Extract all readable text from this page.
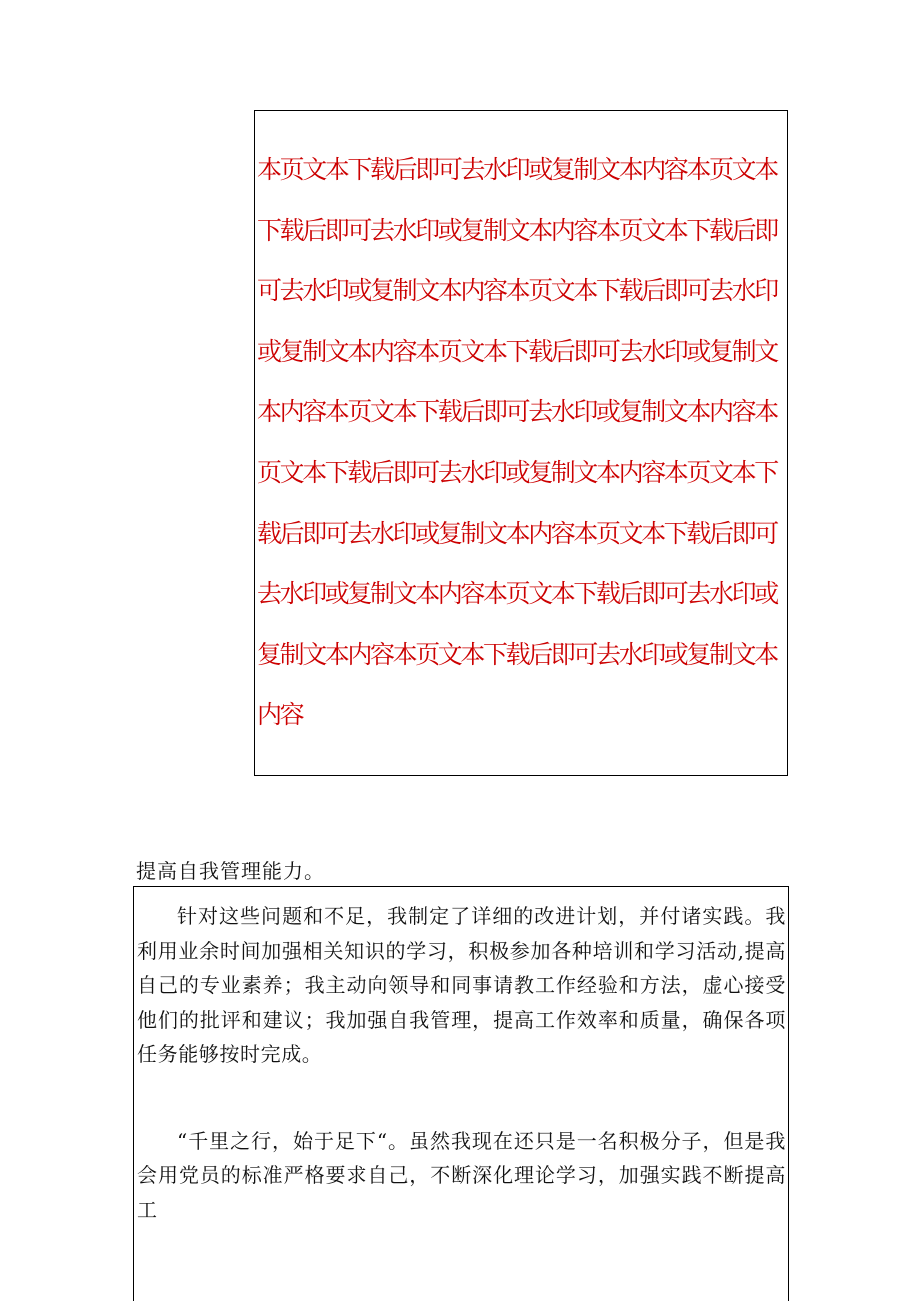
本页文本下载后即可去水印或复制文本内容本页文本下载后即可去水印或复制文本内容本页文本下载后即可去水印或复制文本内容本页文本下载后即可去水印或复制文本内容本页文本下载后即可去水印或复制文本内容本页文本下载后即可去水印或复制文本内容本页文本下载后即可去水印或复制文本内容本页文本下载后即可去水印或复制文本内容本页文本下载后即可去水印或复制文本内容本页文本下载后即可去水印或复制文本内容本页文本下载后即可去水印或复制文本内容

提高自我管理能力。

针对这些问题和不足，我制定了详细的改进计划，并付诸实践。我利用业余时间加强相关知识的学习，积极参加各种培训和学习活动,提高自己的专业素养；我主动向领导和同事请教工作经验和方法，虚心接受他们的批评和建议；我加强自我管理，提高工作效率和质量，确保各项任务能够按时完成。

“千里之行，始于足下“。虽然我现在还只是一名积极分子，但是我会用党员的标准严格要求自己，不断深化理论学习，加强实践不断提高工
